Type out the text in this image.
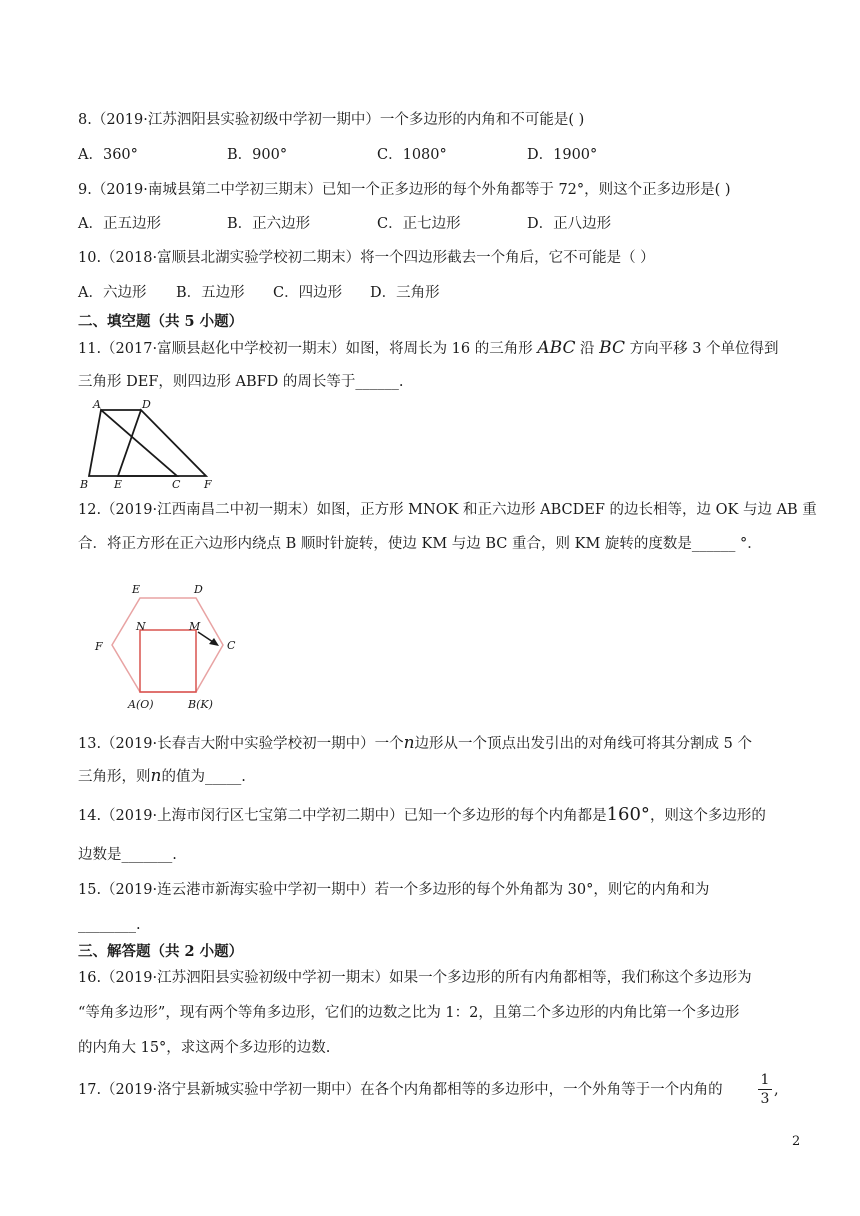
8.（2019·江苏泗阳县实验初级中学初一期中）一个多边形的内角和不可能是( )
A．360°	B．900°	C．1080°	D．1900°
9.（2019·南城县第二中学初三期末）已知一个正多边形的每个外角都等于 72°，则这个正多边形是( )
A．正五边形	B．正六边形	C．正七边形	D．正八边形
10.（2018·富顺县北湖实验学校初二期末）将一个四边形截去一个角后，它不可能是（ ）
A．六边形 B．五边形 C．四边形 D．三角形
二、填空题（共 5 小题）
11.（2017·富顺县赵化中学校初一期末）如图，将周长为 16 的三角形 ABC 沿 BC 方向平移 3 个单位得到
三角形 DEF，则四边形 ABFD 的周长等于______.
A	D
B E	C F
12.（2019·江西南昌二中初一期末）如图，正方形 MNOK 和正六边形 ABCDEF 的边长相等，边 OK 与边 AB 重
合．将正方形在正六边形内绕点 B 顺时针旋转，使边 KM 与边 BC 重合，则 KM 旋转的度数是______ °．
E	D
F	C
N	M
A(O)	B(K)
13.（2019·长春吉大附中实验学校初一期中）一个n边形从一个顶点出发引出的对角线可将其分割成 5 个
三角形，则n的值为_____.
14.（2019·上海市闵行区七宝第二中学初二期中）已知一个多边形的每个内角都是160°，则这个多边形的
边数是_______.
15.（2019·连云港市新海实验中学初一期中）若一个多边形的每个外角都为 30°，则它的内角和为
________.
三、解答题（共 2 小题）
16.（2019·江苏泗阳县实验初级中学初一期末）如果一个多边形的所有内角都相等，我们称这个多边形为
“等角多边形”，现有两个等角多边形，它们的边数之比为 1：2，且第二个多边形的内角比第一个多边形
的内角大 15°，求这两个多边形的边数.
17.（2019·洛宁县新城实验中学初一期中）在各个内角都相等的多边形中，一个外角等于一个内角的
1
3
,
2
